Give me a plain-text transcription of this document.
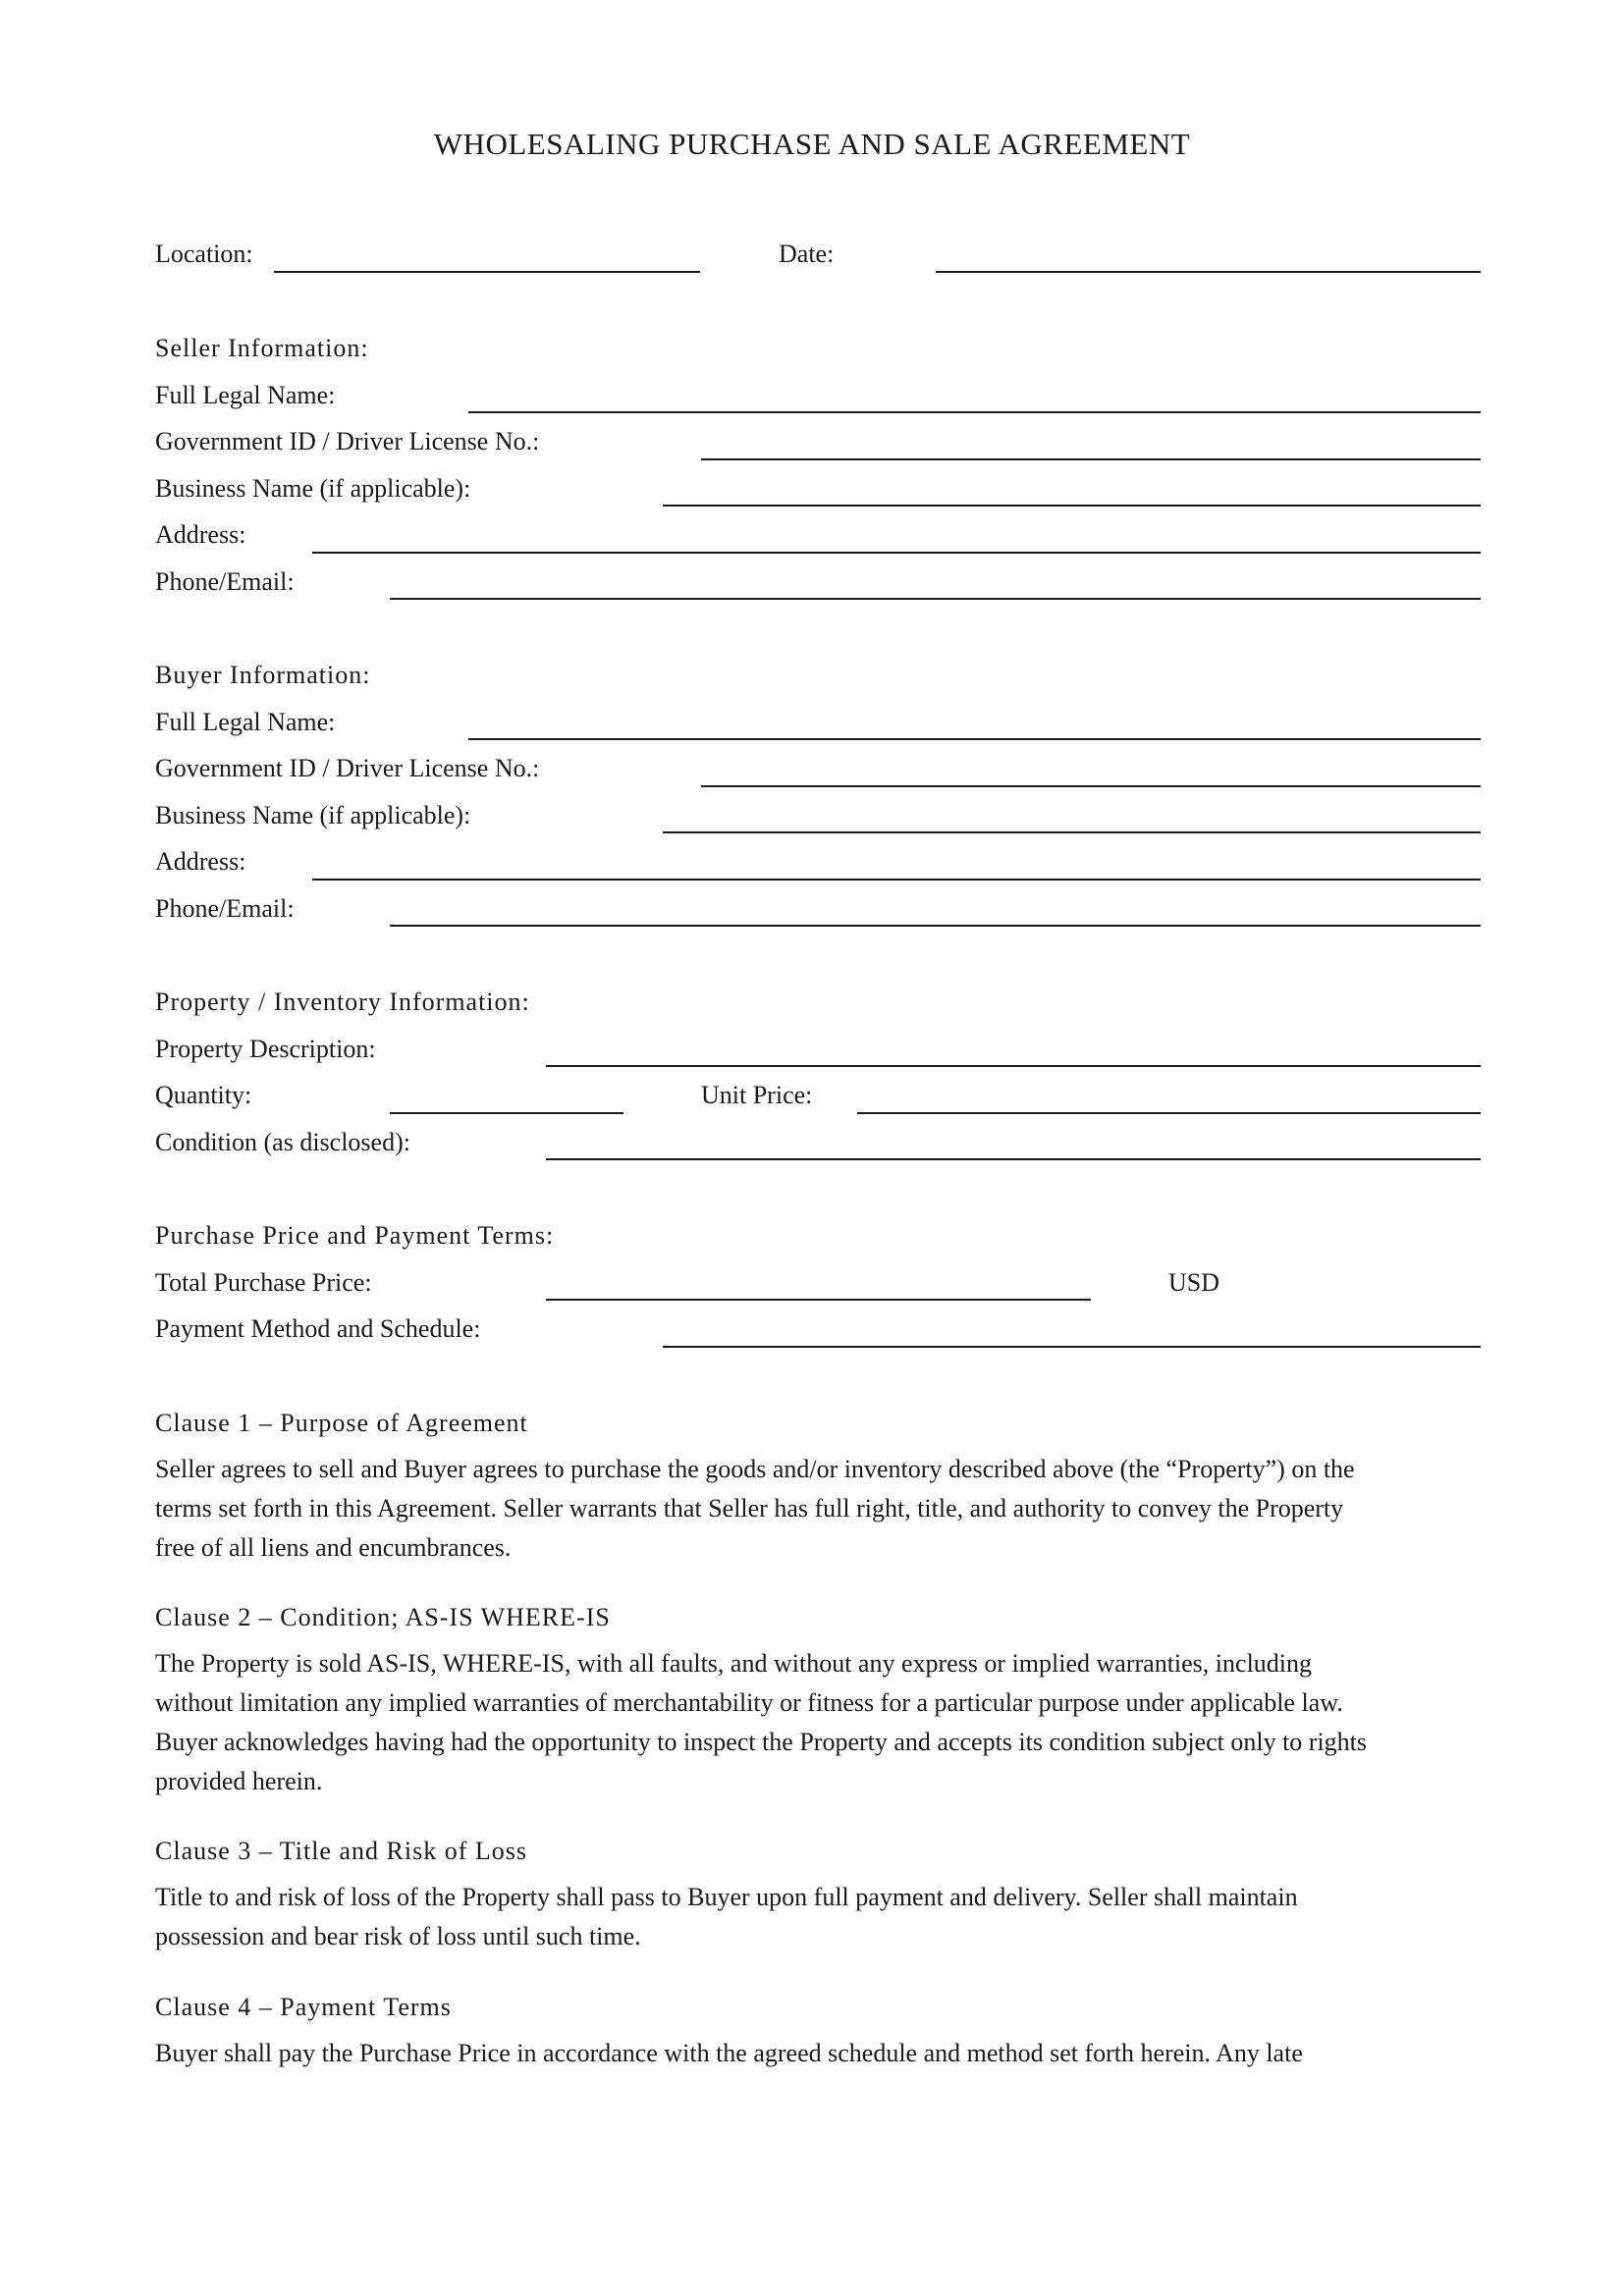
WHOLESALING PURCHASE AND SALE AGREEMENT
Location:	Date:
Seller Information:
Full Legal Name:
Government ID / Driver License No.:
Business Name (if applicable):
Address:
Phone/Email:
Buyer Information:
Full Legal Name:
Government ID / Driver License No.:
Business Name (if applicable):
Address:
Phone/Email:
Property / Inventory Information:
Property Description:
Quantity:	Unit Price:
Condition (as disclosed):
Purchase Price and Payment Terms:
Total Purchase Price:	USD
Payment Method and Schedule:
Clause 1 – Purpose of Agreement
Seller agrees to sell and Buyer agrees to purchase the goods and/or inventory described above (the “Property”) on the
terms set forth in this Agreement. Seller warrants that Seller has full right, title, and authority to convey the Property
free of all liens and encumbrances.
Clause 2 – Condition; AS-IS WHERE-IS
The Property is sold AS-IS, WHERE-IS, with all faults, and without any express or implied warranties, including
without limitation any implied warranties of merchantability or fitness for a particular purpose under applicable law.
Buyer acknowledges having had the opportunity to inspect the Property and accepts its condition subject only to rights
provided herein.
Clause 3 – Title and Risk of Loss
Title to and risk of loss of the Property shall pass to Buyer upon full payment and delivery. Seller shall maintain
possession and bear risk of loss until such time.
Clause 4 – Payment Terms
Buyer shall pay the Purchase Price in accordance with the agreed schedule and method set forth herein. Any late
